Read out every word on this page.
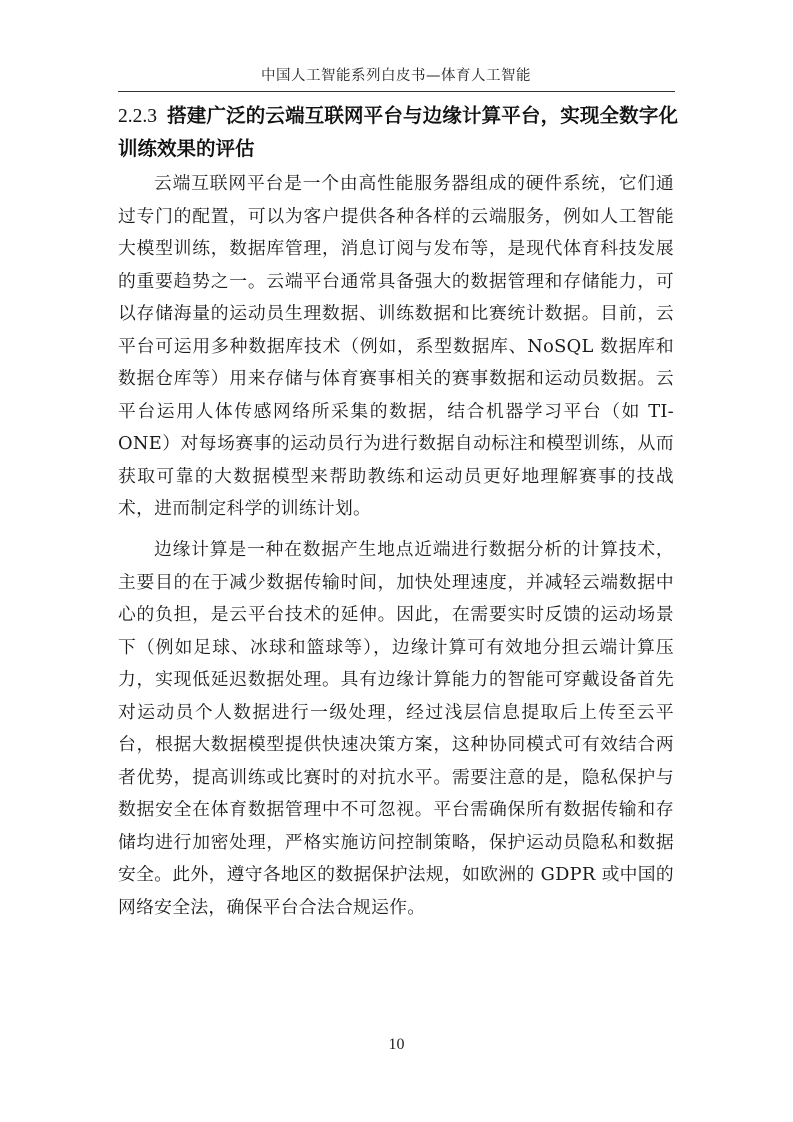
中国人工智能系列白皮书—体育人工智能
2.2.3 搭建广泛的云端互联网平台与边缘计算平台，实现全数字化训练效果的评估

云端互联网平台是一个由高性能服务器组成的硬件系统，它们通过专门的配置，可以为客户提供各种各样的云端服务，例如人工智能大模型训练，数据库管理，消息订阅与发布等，是现代体育科技发展的重要趋势之一。云端平台通常具备强大的数据管理和存储能力，可以存储海量的运动员生理数据、训练数据和比赛统计数据。目前，云平台可运用多种数据库技术（例如，系型数据库、NoSQL 数据库和数据仓库等）用来存储与体育赛事相关的赛事数据和运动员数据。云平台运用人体传感网络所采集的数据，结合机器学习平台（如 TI-ONE）对每场赛事的运动员行为进行数据自动标注和模型训练，从而获取可靠的大数据模型来帮助教练和运动员更好地理解赛事的技战术，进而制定科学的训练计划。

边缘计算是一种在数据产生地点近端进行数据分析的计算技术，主要目的在于减少数据传输时间，加快处理速度，并减轻云端数据中心的负担，是云平台技术的延伸。因此，在需要实时反馈的运动场景下（例如足球、冰球和篮球等），边缘计算可有效地分担云端计算压力，实现低延迟数据处理。具有边缘计算能力的智能可穿戴设备首先对运动员个人数据进行一级处理，经过浅层信息提取后上传至云平台，根据大数据模型提供快速决策方案，这种协同模式可有效结合两者优势，提高训练或比赛时的对抗水平。需要注意的是，隐私保护与数据安全在体育数据管理中不可忽视。平台需确保所有数据传输和存储均进行加密处理，严格实施访问控制策略，保护运动员隐私和数据安全。此外，遵守各地区的数据保护法规，如欧洲的 GDPR 或中国的网络安全法，确保平台合法合规运作。

10
